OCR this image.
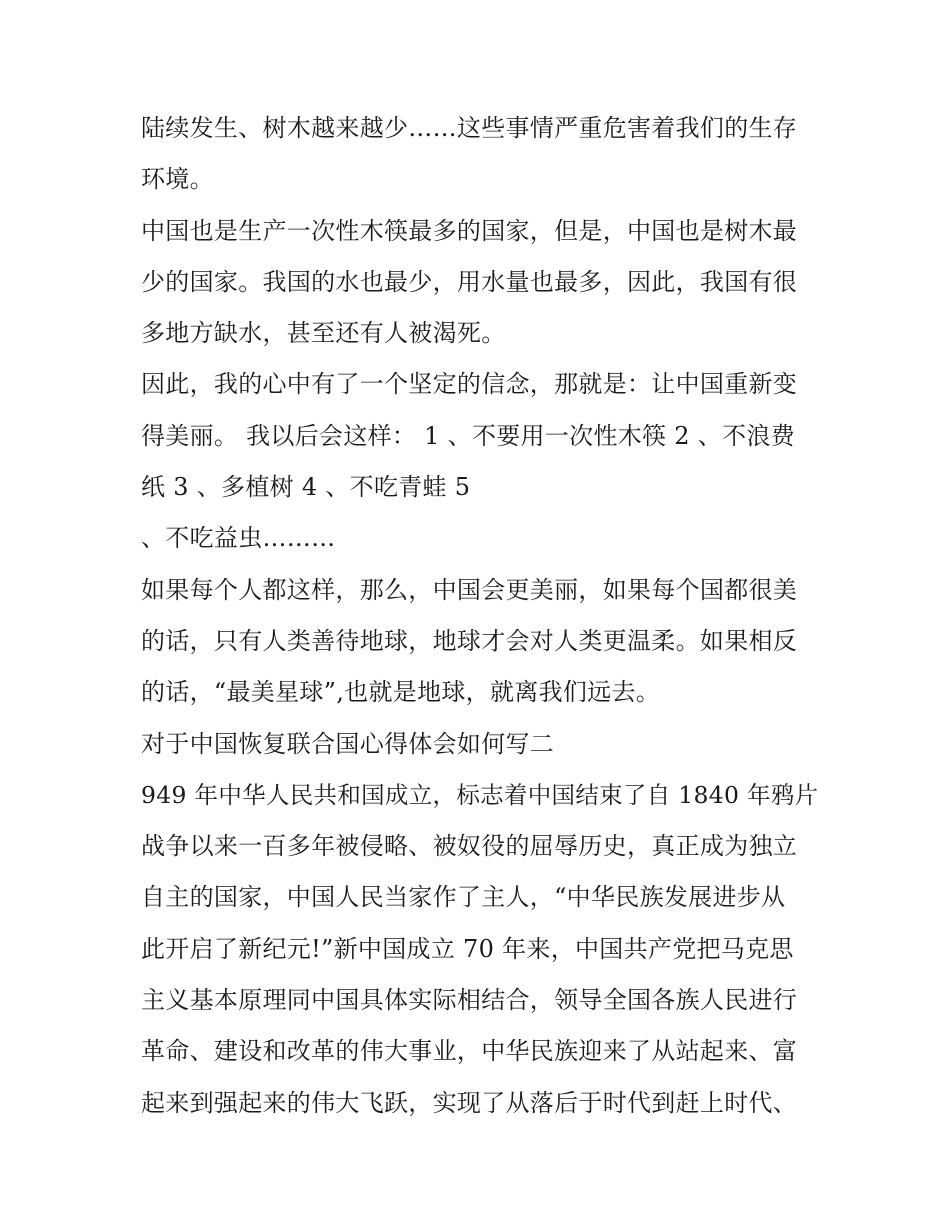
陆续发生、树木越来越少……这些事情严重危害着我们的生存
环境。
中国也是生产一次性木筷最多的国家，但是，中国也是树木最
少的国家。我国的水也最少，用水量也最多，因此，我国有很
多地方缺水，甚至还有人被渴死。
因此，我的心中有了一个坚定的信念，那就是：让中国重新变
得美丽。 我以后会这样： 1 、不要用一次性木筷 2 、不浪费
纸 3 、多植树 4 、不吃青蛙 5
、不吃益虫………
如果每个人都这样，那么，中国会更美丽，如果每个国都很美
的话，只有人类善待地球，地球才会对人类更温柔。如果相反
的话，“最美星球”,也就是地球，就离我们远去。
对于中国恢复联合国心得体会如何写二
949 年中华人民共和国成立，标志着中国结束了自 1840 年鸦片
战争以来一百多年被侵略、被奴役的屈辱历史，真正成为独立
自主的国家，中国人民当家作了主人，“中华民族发展进步从
此开启了新纪元!”新中国成立 70 年来，中国共产党把马克思
主义基本原理同中国具体实际相结合，领导全国各族人民进行
革命、建设和改革的伟大事业，中华民族迎来了从站起来、富
起来到强起来的伟大飞跃，实现了从落后于时代到赶上时代、
